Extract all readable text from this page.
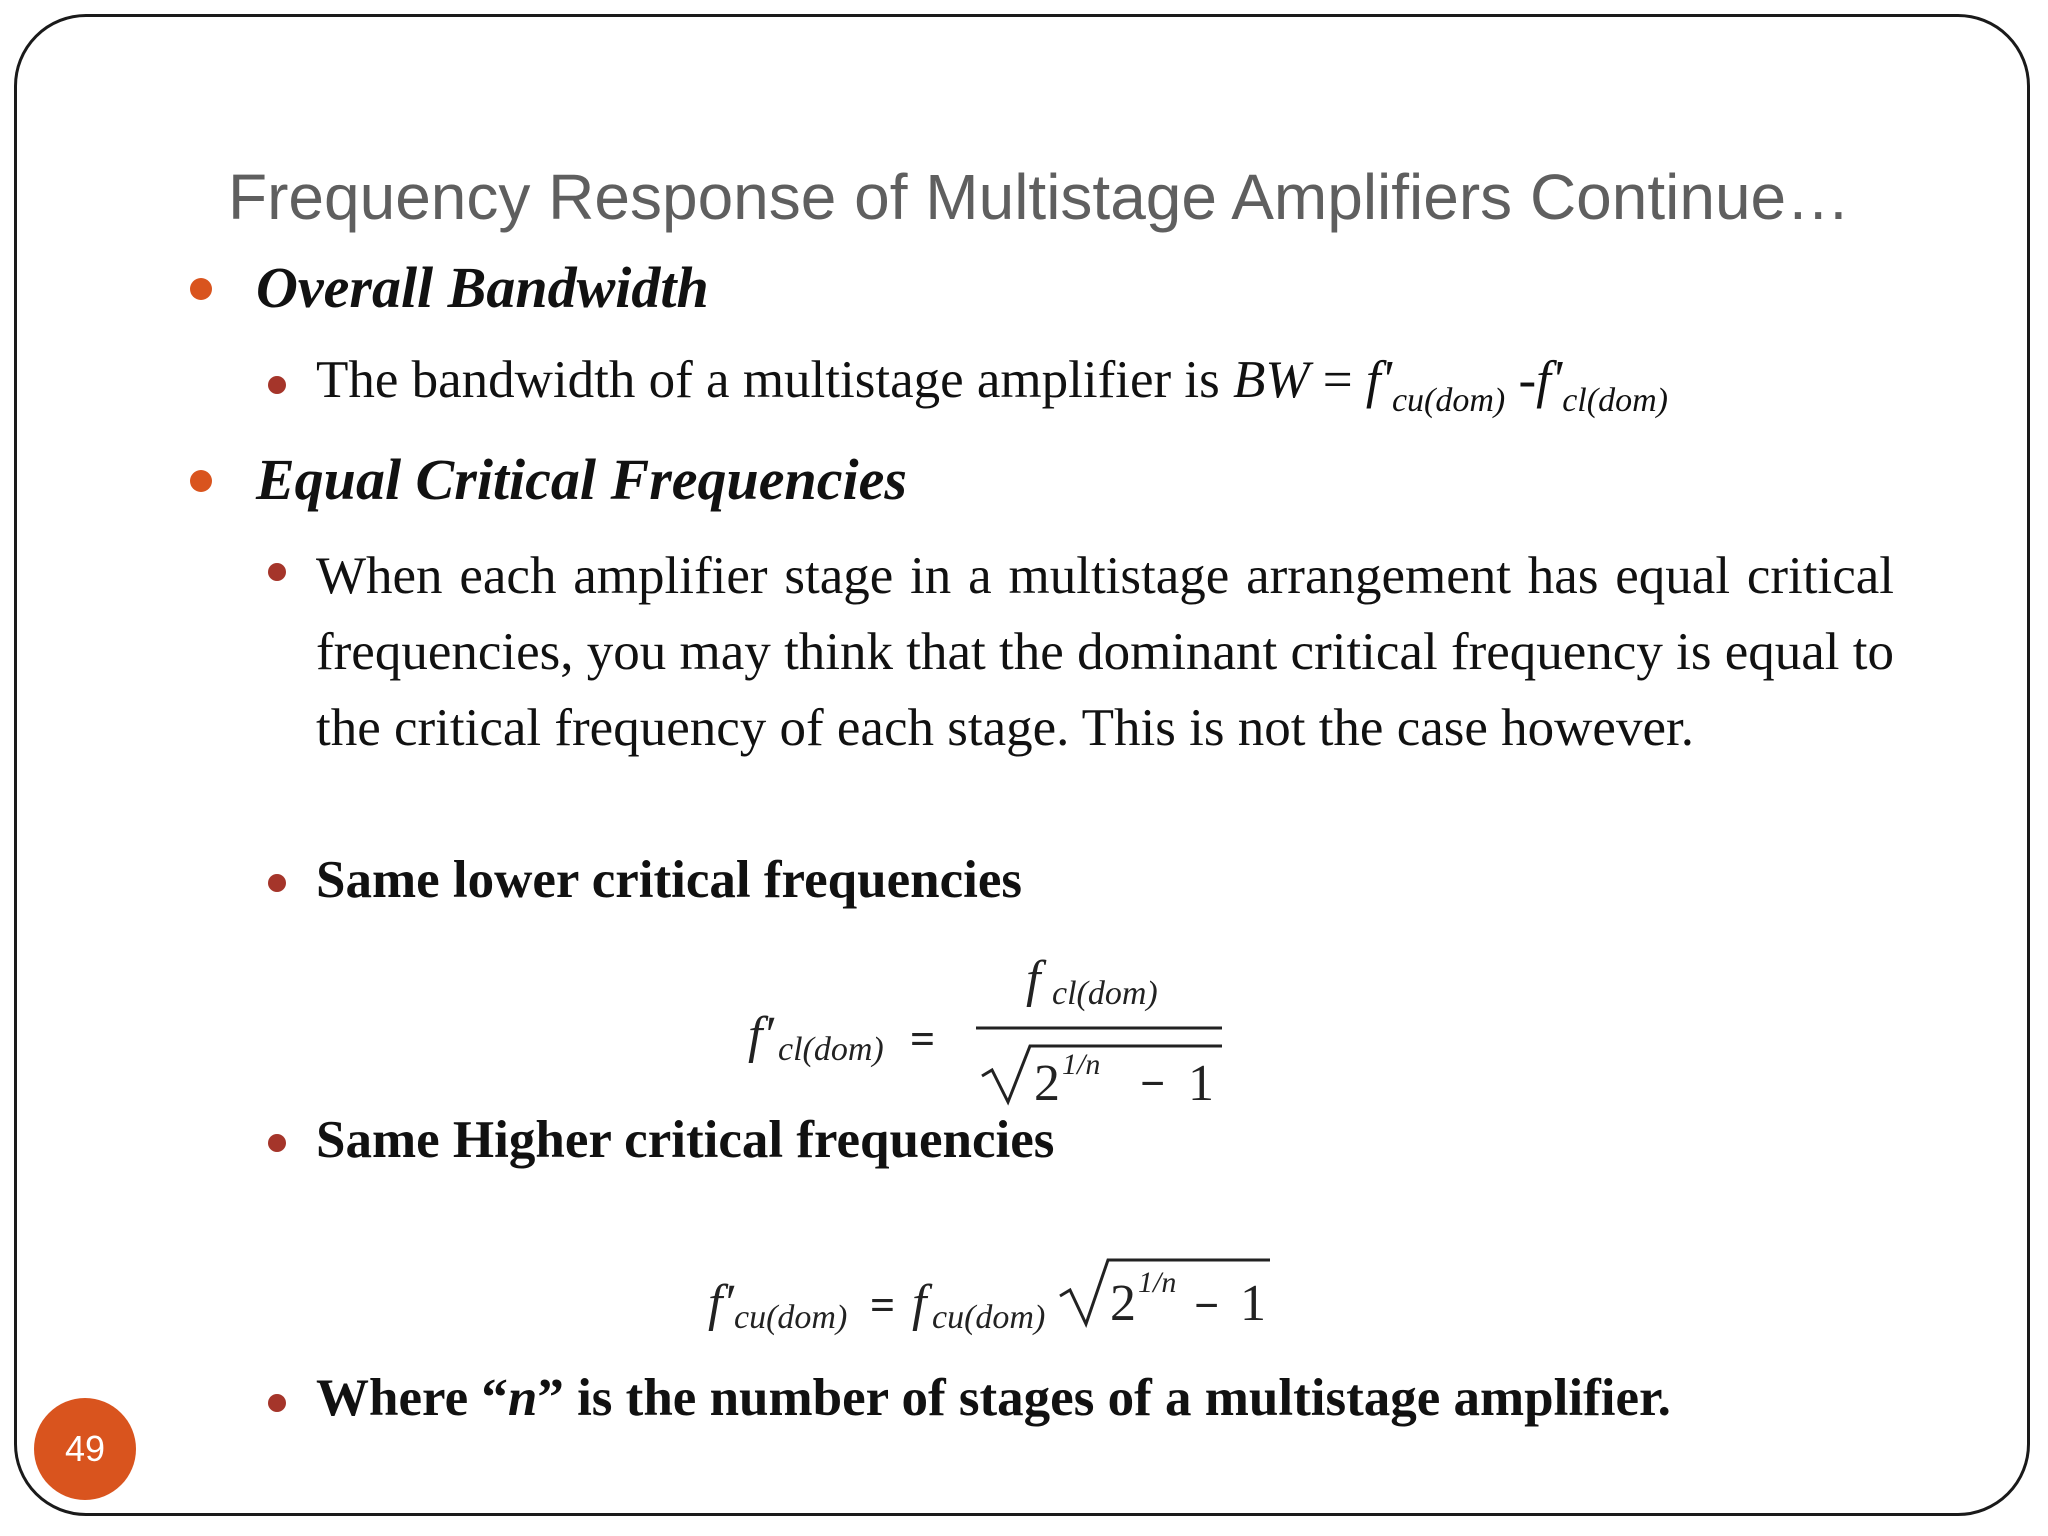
Frequency Response of Multistage Amplifiers Continue…
Overall Bandwidth
The bandwidth of a multistage amplifier is BW = $f'_{cu(dom)}$ $-f'_{cl(dom)}$
Equal Critical Frequencies
When each amplifier stage in a multistage arrangement has equal critical frequencies, you may think that the dominant critical frequency is equal to the critical frequency of each stage. This is not the case however.
Same lower critical frequencies
f′ cl(dom) =
f cl(dom)
2 1/n − 1
Same Higher critical frequencies
f′ cu(dom) = f cu(dom) 2 1/n − 1
Where “n” is the number of stages of a multistage amplifier.
49
